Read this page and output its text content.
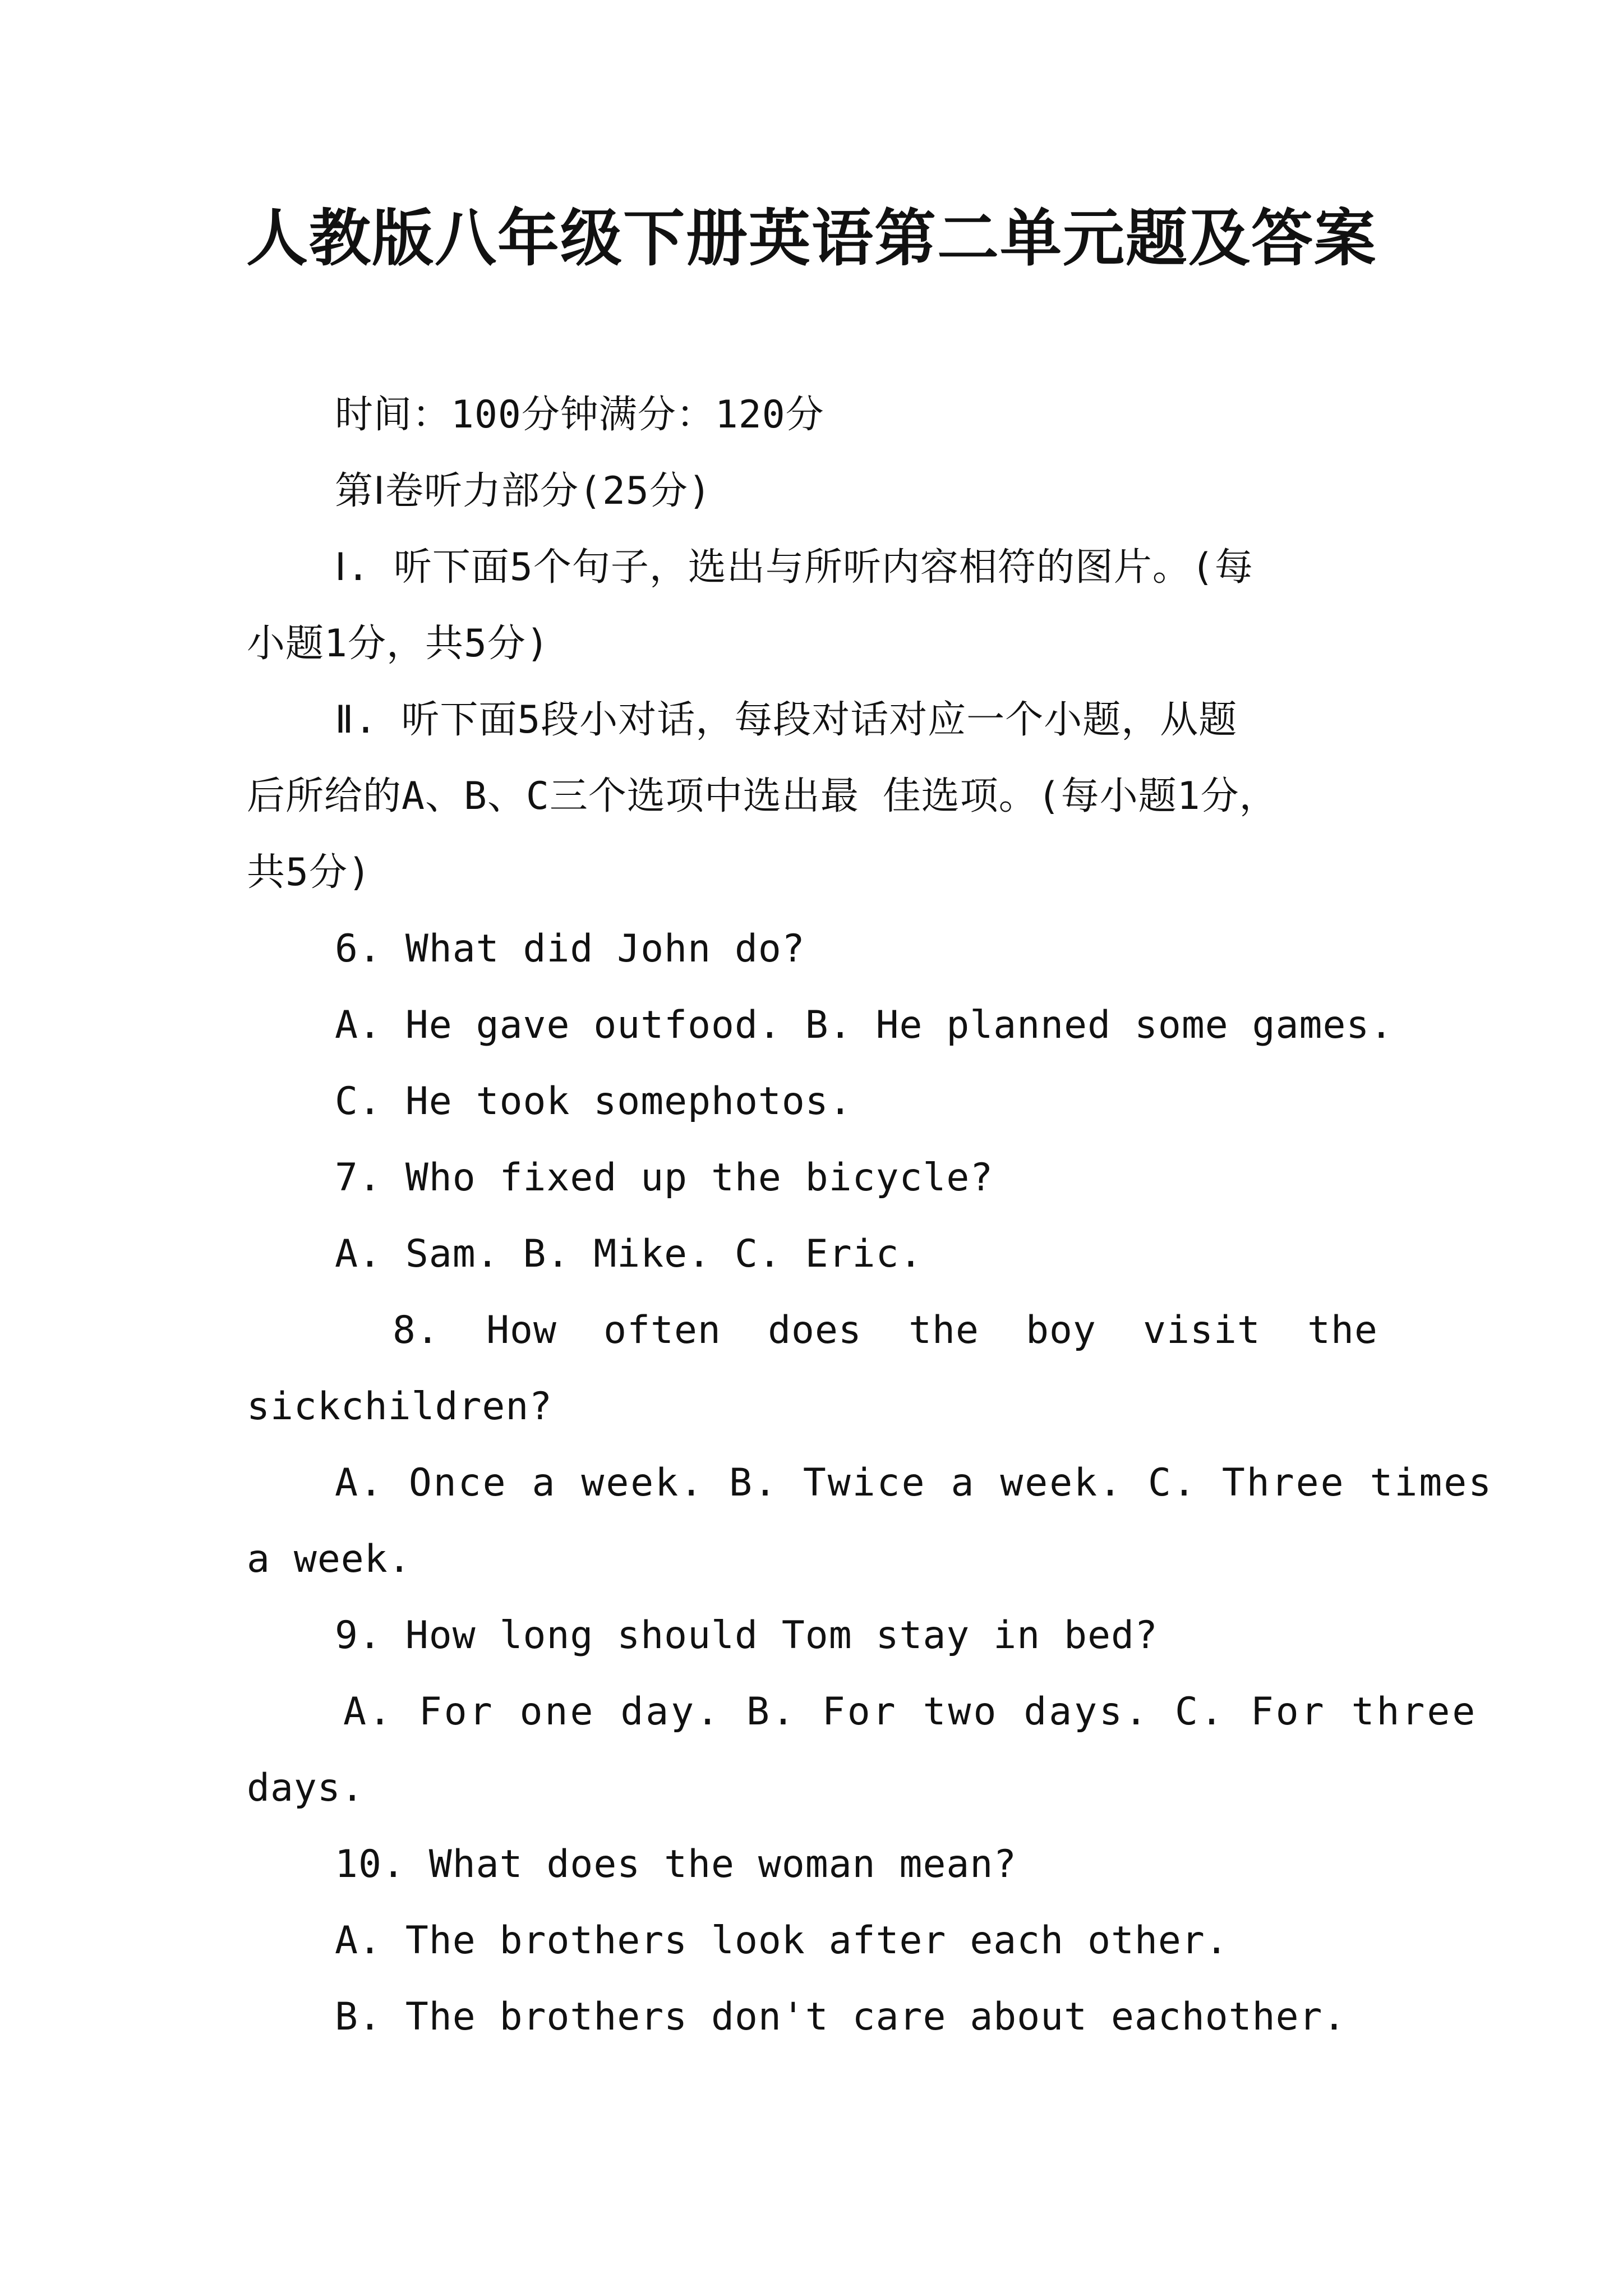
人教版八年级下册英语第二单元题及答案
时间：100分钟满分：120分
第Ⅰ卷听力部分(25分)
Ⅰ. 听下面5个句子，选出与所听内容相符的图片。(每
小题1分，共5分)
Ⅱ. 听下面5段小对话，每段对话对应一个小题，从题
后所给的A、B、C三个选项中选出最 佳选项。(每小题1分，
共5分)
6. What did John do?
A. He gave outfood. B. He planned some games.
C. He took somephotos.
7. Who fixed up the bicycle?
A. Sam. B. Mike. C. Eric.
8. How often does the boy visit the
sickchildren?
A. Once a week. B. Twice a week. C. Three times
a week.
9. How long should Tom stay in bed?
A. For one day. B. For two days. C. For three
days.
10. What does the woman mean?
A. The brothers look after each other.
B. The brothers don't care about eachother.
